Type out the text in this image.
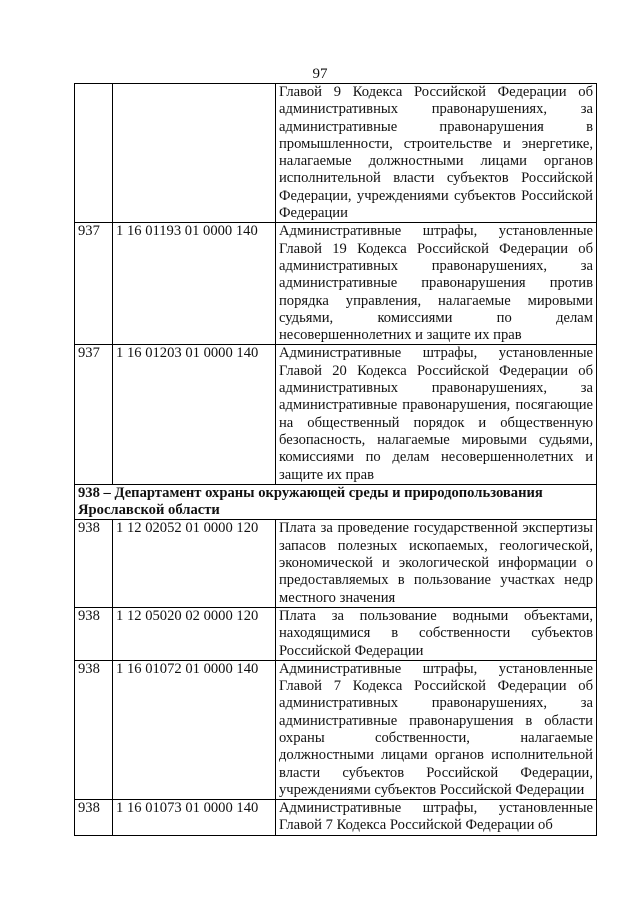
97
		Главой 9 Кодекса Российской Федерации об административных правонарушениях, за административные правонарушения в промышленности, строительстве и энергетике, налагаемые должностными лицами органов исполнительной власти субъектов Российской Федерации, учреждениями субъектов Российской Федерации
937	1 16 01193 01 0000 140	Административные штрафы, установленные Главой 19 Кодекса Российской Федерации об административных правонарушениях, за административные правонарушения против порядка управления, налагаемые мировыми судьями, комиссиями по делам несовершеннолетних и защите их прав
937	1 16 01203 01 0000 140	Административные штрафы, установленные Главой 20 Кодекса Российской Федерации об административных правонарушениях, за административные правонарушения, посягающие на общественный порядок и общественную безопасность, налагаемые мировыми судьями, комиссиями по делам несовершеннолетних и защите их прав
938 – Департамент охраны окружающей среды и природопользования Ярославской области		
938	1 12 02052 01 0000 120	Плата за проведение государственной экспертизы запасов полезных ископаемых, геологической, экономической и экологической информации о предоставляемых в пользование участках недр местного значения
938	1 12 05020 02 0000 120	Плата за пользование водными объектами, находящимися в собственности субъектов Российской Федерации
938	1 16 01072 01 0000 140	Административные штрафы, установленные Главой 7 Кодекса Российской Федерации об административных правонарушениях, за административные правонарушения в области охраны собственности, налагаемые должностными лицами органов исполнительной власти субъектов Российской Федерации, учреждениями субъектов Российской Федерации
938	1 16 01073 01 0000 140	Административные штрафы, установленные Главой 7 Кодекса Российской Федерации об
